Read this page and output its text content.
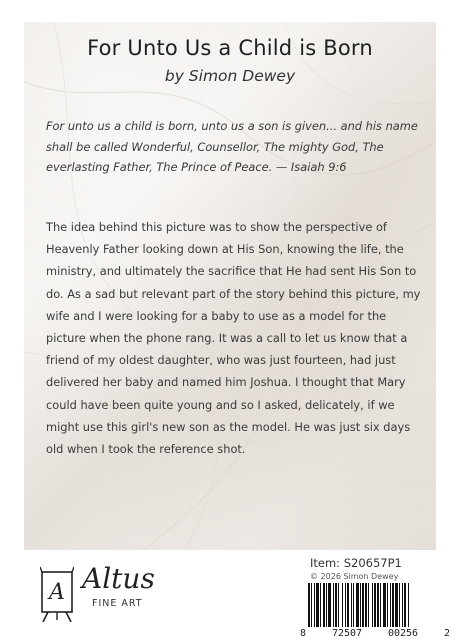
For Unto Us a Child is Born
by Simon Dewey

For unto us a child is born, unto us a son is given... and his name shall be called Wonderful, Counsellor, The mighty God, The everlasting Father, The Prince of Peace. — Isaiah 9:6

The idea behind this picture was to show the perspective of Heavenly Father looking down at His Son, knowing the life, the ministry, and ultimately the sacrifice that He had sent His Son to do. As a sad but relevant part of the story behind this picture, my wife and I were looking for a baby to use as a model for the picture when the phone rang. It was a call to let us know that a friend of my oldest daughter, who was just fourteen, had just delivered her baby and named him Joshua. I thought that Mary could have been quite young and so I asked, delicately, if we might use this girl's new son as the model. He was just six days old when I took the reference shot.

A Altus
FINE ART
Item: S20657P1
© 2026 Simon Dewey
8	72507	00256	2
